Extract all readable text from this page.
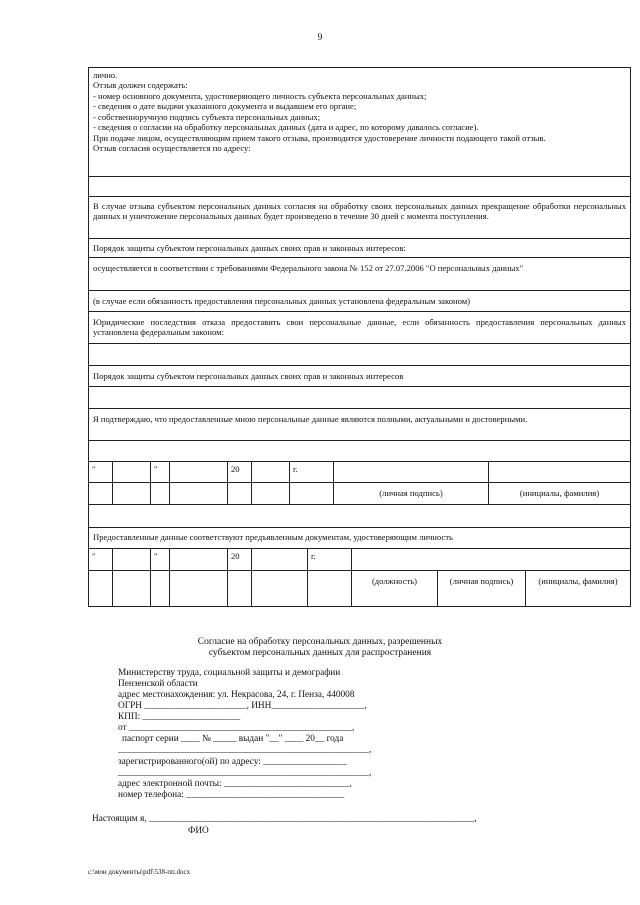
9
лично.
Отзыв должен содержать:
- номер основного документа, удостоверяющего личность субъекта персональных данных;
- сведения о дате выдачи указанного документа и выдавшем его органе;
- собственноручную подпись субъекта персональных данных;
- сведения о согласии на обработку персональных данных (дата и адрес, по которому давалось согласие).
При подаче лицом, осуществляющим прием такого отзыва, производится удостоверение личности подающего такой отзыв.
Отзыв согласия осуществляется по адресу:
В случае отзыва субъектом персональных данных согласия на обработку своих персональных данных прекращение обработки персональных данных и уничтожение персональных данных будет произведено в течение 30 дней с момента поступления.
Порядок защиты субъектом персональных данных своих прав и законных интересов:
осуществляется в соответствии с требованиями Федерального закона № 152 от 27.07.2006 "О персональных данных"
(в случае если обязанность предоставления персональных данных установлена федеральным законом)
Юридические последствия отказа предоставить свои персональные данные, если обязанность предоставления персональных данных установлена федеральным законом:
Порядок защиты субъектом персональных данных своих прав и законных интересов
Я подтверждаю, что предоставленные мною персональные данные являются полными, актуальными и достоверными.
"	"	20	г.
(личная подпись)	(инициалы, фамилия)
Предоставленные данные соответствуют предъявленным документам, удостоверяющим личность
"	"	20	г.
(должность)	(личная подпись)	(инициалы, фамилия)
Согласие на обработку персональных данных, разрешенных
субъектом персональных данных для распространения
Министерству труда, социальной защиты и демографии
Пензенской области
адрес местонахождения: ул. Некрасова, 24, г. Пенза, 440008
ОГРН ______________________, ИНН____________________,
КПП: _____________________
от ________________________________________________,
паспорт серии ____ № _____ выдан "__" ____ 20__ года
______________________________________________________,
зарегистрированного(ой) по адресу: __________________
______________________________________________________,
адрес электронной почты: ___________________________,
номер телефона: __________________________________
Настоящим я, ______________________________________________________________________,
ФИО
c:\мои документы\pdf\538-пп.docx
